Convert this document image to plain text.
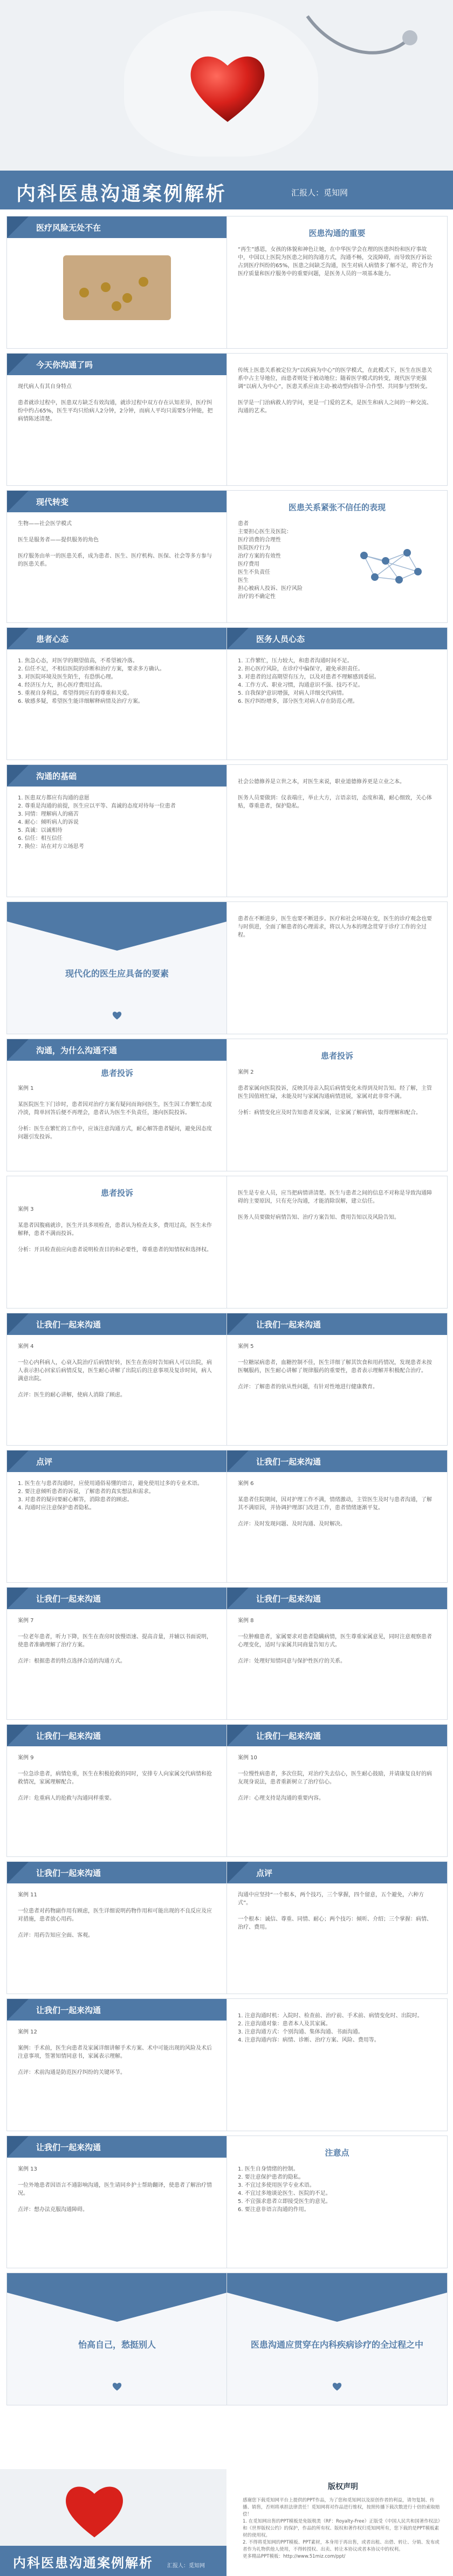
内科医患沟通案例解析	汇报人：觅知网
医疗风险无处不在
医患沟通的重要
“再生”感恩，女孩的体貌和神色让她，在中华医学会在理的医患纠纷和医疗事故中，中国以上医院为医患之间的沟通方式，沟通不畅，交流障碍，而导致医疗诉讼占到医疗纠纷的65%，医患之间缺乏沟通，医生对病人病情多了解不足，将它作为医疗质量和医疗服务中的重要问题，是医务人员的一项基本能力。
今天你沟通了吗
现代病人有其自身特点

患者就诊过程中，医患双方缺乏有效沟通，就诊过程中双方存在认知差异，医疗纠纷中约占65%，医生平均只给病人2分钟，2分钟，而病人平均只需要5分钟能，把病情陈述清楚。
传统上医患关系被定位为“以疾病为中心”的医学模式，在此模式下，医生在医患关系中占主导地位，而患者则处于被动地位；随着医学模式的转变，现代医学更强调“以病人为中心”，医患关系应由主动-被动型向指导-合作型、共同参与型转变。

医学是一门治病救人的学问，更是一门爱的艺术，是医生和病人之间的一种交流、沟通的艺术。
现代转变
生物——社会医学模式

医生是服务者——提供服务的角色

医疗服务由单一的医患关系，成为患者、医生、医疗机构、医保、社会等多方参与的医患关系。
医患关系紧张不信任的表现
患者
主要担心医生及医院：
医疗消费的合理性
医院医疗行为
治疗方案的有效性
医疗费用
医生不负责任
医生
担心被病人投诉、医疗风险
治疗的不确定性
患者心态
1. 焦急心态，对医学的期望值高，不希望被冷落。
2. 信任不足，不相信医院的诊断和治疗方案，要求多方确认。
3. 对医院环境及医生陌生，有恐惧心理。
4. 经济压力大，担心医疗费用过高。
5. 重视自身利益，希望得到应有的尊重和关爱。
6. 敏感多疑，希望医生能详细解释病情及治疗方案。
医务人员心态
1. 工作繁忙，压力较大，和患者沟通时间不足。
2. 担心医疗风险，在诊疗中偏保守，避免承担责任。
3. 对患者的过高期望有压力，以及对患者不理解感到委屈。
4. 工作方式、职业习惯，沟通意识不强、技巧不足。
5. 自我保护意识增强，对病人详细交代病情。
6. 医疗纠纷增多，部分医生对病人存在防范心理。
沟通的基础
1. 医患双方都应有沟通的意愿
2. 尊重是沟通的前提，医生应以平等、真诚的态度对待每一位患者
3. 同情：理解病人的痛苦
4. 耐心：倾听病人的诉说
5. 真诚：以诚相待
6. 信任：相互信任
7. 换位：站在对方立场思考
社会公德修养是立世之本，对医生来说，职业道德修养更是立业之本。

医务人员要做到：仪表端庄，举止大方，言语亲切，态度和蔼，耐心细致，关心体贴，尊重患者，保护隐私。
现代化的医生应具备的要素
患者在不断进步，医生也要不断进步。医疗和社会环境在变，医生的诊疗观念也要与时俱进，全面了解患者的心理需求，将以人为本的理念贯穿于诊疗工作的全过程。
沟通，为什么沟通不通
患者投诉
案例 1

某医院医生下门诊时，患者因对治疗方案有疑问而询问医生，医生因工作繁忙态度冷淡，简单回答后便不再理会，患者认为医生不负责任，遂向医院投诉。

分析：医生在繁忙的工作中，应该注意沟通方式，耐心解答患者疑问，避免因态度问题引发投诉。
患者投诉
案例 2

患者家属向医院投诉，反映其母亲入院后病情变化未得到及时告知。经了解，主管医生因值班忙碌，未能及时与家属沟通病情进展，家属对此非常不满。

分析：病情变化应及时告知患者及家属，让家属了解病情，取得理解和配合。
患者投诉
案例 3

某患者因腹痛就诊，医生开具多项检查，患者认为检查太多，费用过高，医生未作解释，患者不满而投诉。

分析：开具检查前应向患者说明检查目的和必要性，尊重患者的知情权和选择权。
医生是专业人员，应当把病情讲清楚。医生与患者之间的信息不对称是导致沟通障碍的主要原因，只有充分沟通，才能消除误解，建立信任。

医务人员要做好病情告知、治疗方案告知、费用告知以及风险告知。
让我们一起来沟通
案例 4

一位心内科病人，心衰入院治疗后病情好转，医生在查房时告知病人可以出院，病人表示担心回家后病情反复，医生耐心讲解了出院后的注意事项及复诊时间，病人满意出院。

点评：医生的耐心讲解，使病人消除了顾虑。
让我们一起来沟通
案例 5

一位糖尿病患者，血糖控制不佳，医生详细了解其饮食和用药情况，发现患者未按医嘱服药，医生耐心讲解了规律服药的重要性，患者表示理解并积极配合治疗。

点评：了解患者的依从性问题，有针对性地进行健康教育。
点评
1. 医生在与患者沟通时，应使用通俗易懂的语言，避免使用过多的专业术语。
2. 要注意倾听患者的诉说，了解患者的真实想法和需求。
3. 对患者的疑问要耐心解答，消除患者的顾虑。
4. 沟通时应注意保护患者隐私。
让我们一起来沟通
案例 6

某患者住院期间，因对护理工作不满，情绪激动，主管医生及时与患者沟通，了解其不满原因，并协调护理部门改进工作，患者情绪逐渐平复。

点评：及时发现问题、及时沟通、及时解决。
让我们一起来沟通
案例 7

一位老年患者，听力下降，医生在查房时放慢语速、提高音量，并辅以书面说明，使患者准确理解了治疗方案。

点评：根据患者的特点选择合适的沟通方式。
让我们一起来沟通
案例 8

一位肿瘤患者，家属要求对患者隐瞒病情，医生尊重家属意见，同时注意观察患者心理变化，适时与家属共同商量告知方式。

点评：处理好知情同意与保护性医疗的关系。
让我们一起来沟通
案例 9

一位急诊患者，病情危重，医生在积极抢救的同时，安排专人向家属交代病情和抢救情况，家属理解配合。

点评：危重病人的抢救与沟通同样重要。
让我们一起来沟通
案例 10

一位慢性病患者，多次住院，对治疗失去信心，医生耐心鼓励，并请康复良好的病友现身说法，患者重新树立了治疗信心。

点评：心理支持是沟通的重要内容。
让我们一起来沟通
案例 11

一位患者对药物副作用有顾虑，医生详细说明药物作用和可能出现的不良反应及应对措施，患者放心用药。

点评：用药告知应全面、客观。
点评
沟通中应坚持“一个根本，两个技巧，三个掌握，四个留意，五个避免，六种方式”。

一个根本：诚信、尊重、同情、耐心；两个技巧：倾听、介绍；三个掌握：病情、治疗、费用。
让我们一起来沟通
案例 12

案例：手术前，医生向患者及家属详细讲解手术方案、术中可能出现的风险及术后注意事项，签署知情同意书，家属表示理解。

点评：术前沟通是防范医疗纠纷的关键环节。
1. 注意沟通时机：入院时、检查前、治疗前、手术前、病情变化时、出院时。
2. 注意沟通对象：患者本人及其家属。
3. 注意沟通方式：个别沟通、集体沟通、书面沟通。
4. 注意沟通内容：病情、诊断、治疗方案、风险、费用等。
让我们一起来沟通
案例 13

一位外地患者因语言不通影响沟通，医生请同乡护士帮助翻译，使患者了解治疗情况。

点评：想办法克服沟通障碍。
注意点
1. 医生自身情绪的控制。
2. 要注意保护患者的隐私。
3. 不宜过多使用医学专业术语。
4. 不宜过多地谈论医生、医院的不足。
5. 不宜强求患者立即接受医生的意见。
6. 要注意非语言沟通的作用。
怡高自己，愁挺别人	医患沟通应贯穿在内科疾病诊疗的全过程之中
内科医患沟通案例解析	汇报人：觅知网
版权声明
感谢您下载觅知网平台上提供的PPT作品，为了您和觅知网以及原创作者的利益，请勿复制、传播、销售，否则将承担法律责任！觅知网将对作品进行维权，按照传播下载次数进行十倍的索取赔偿！
1. 在觅知网出售的PPT模板是免版税类（RF：Royalty-Free）正版受《中国人民共和国著作权法》和《世界版权公约》的保护，作品的所有权、版权和著作权归觅知网所有，您下载的是PPT模板素材的使用权。
2. 不得将觅知网的PPT模板、PPT素材，本身用于再出售，或者出租、出借、转让、分销、发布或者作为礼物供他人使用，不得转授权、出卖、转让本协议或者本协议中的权利。
更多精品PPT模板：http://www.51miz.com/ppt/
